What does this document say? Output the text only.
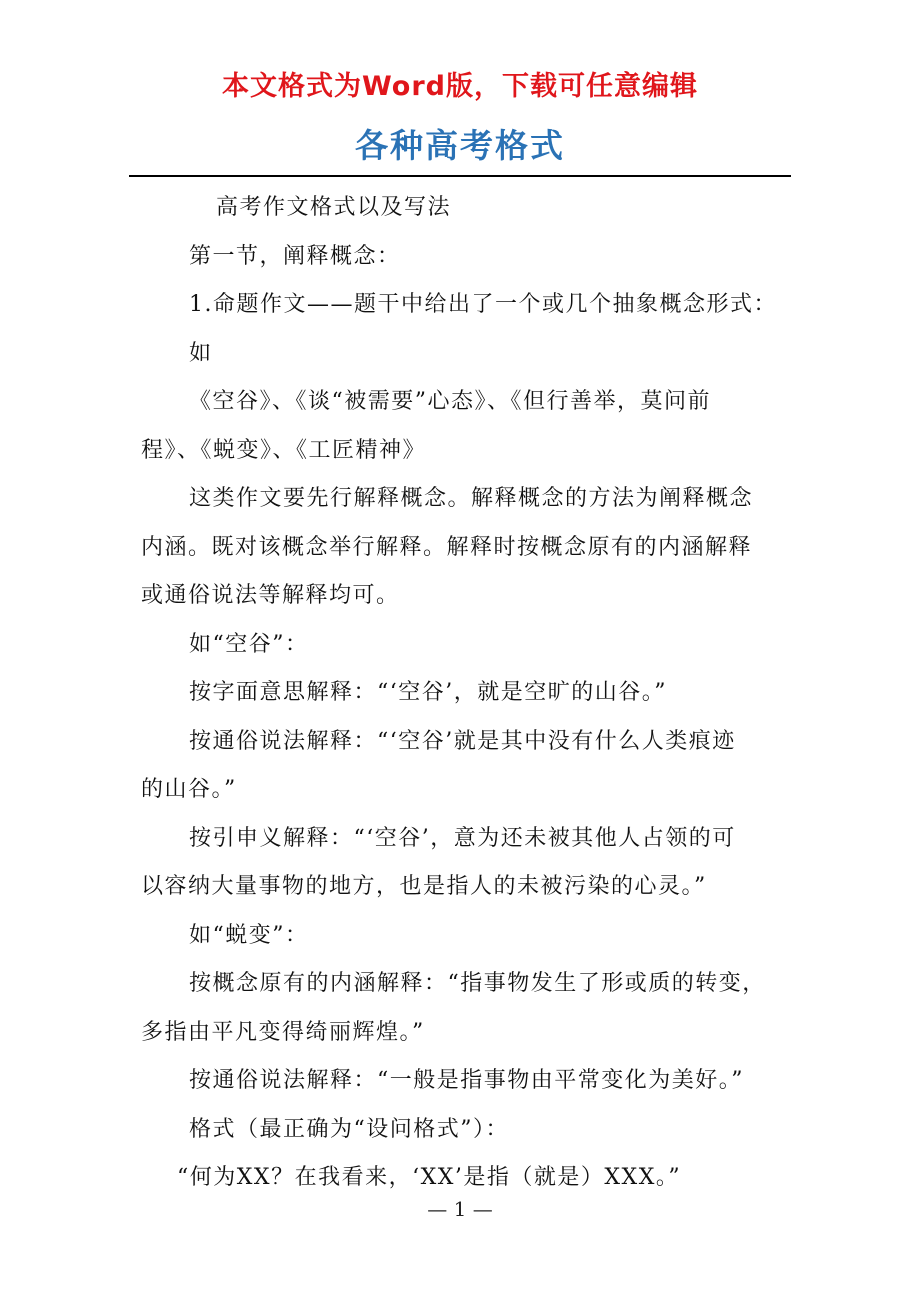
本文格式为Word版，下载可任意编辑
各种高考格式

高考作文格式以及写法

第一节，阐释概念：

1.命题作文——题干中给出了一个或几个抽象概念形式：

如

《空谷》、《谈“被需要”心态》、《但行善举，莫问前

程》、《蜕变》、《工匠精神》

这类作文要先行解释概念。解释概念的方法为阐释概念

内涵。既对该概念举行解释。解释时按概念原有的内涵解释

或通俗说法等解释均可。

如“空谷”：

按字面意思解释：“‘空谷’，就是空旷的山谷。”

按通俗说法解释：“‘空谷’就是其中没有什么人类痕迹

的山谷。”

按引申义解释：“‘空谷’，意为还未被其他人占领的可

以容纳大量事物的地方，也是指人的未被污染的心灵。”

如“蜕变”：

按概念原有的内涵解释：“指事物发生了形或质的转变，

多指由平凡变得绮丽辉煌。”

按通俗说法解释：“一般是指事物由平常变化为美好。”

格式（最正确为“设问格式”）：

“何为XX？在我看来，‘XX’是指（就是）XXX。”

— 1 —
